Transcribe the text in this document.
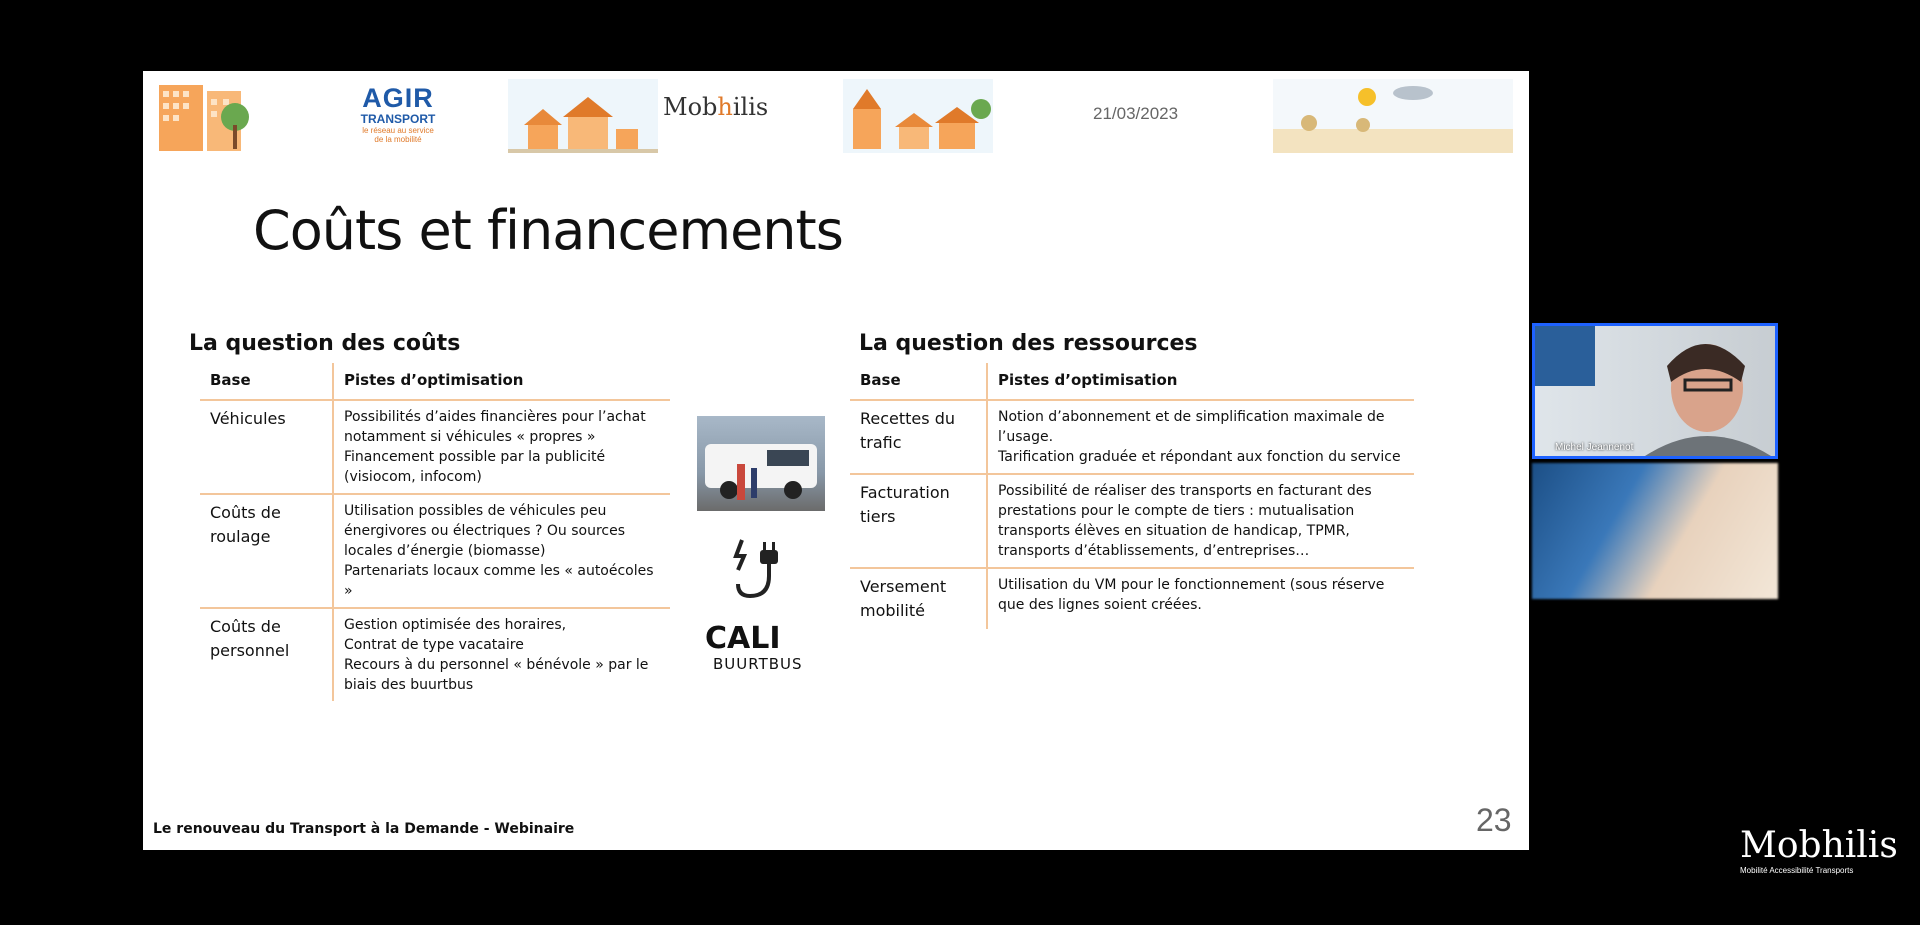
AGIR
TRANSPORT
le réseau au service
de la mobilité
Mobhilis	21/03/2023
Coûts et financements
La question des coûts
Base	Pistes d’optimisation
Véhicules	Possibilités d’aides financières pour l’achat notamment si véhicules « propres »
Financement possible par la publicité (visiocom, infocom)
Coûts de roulage	Utilisation possibles de véhicules peu énergivores ou électriques ? Ou sources locales d’énergie (biomasse)
Partenariats locaux comme les « autoécoles »
Coûts de personnel	Gestion optimisée des horaires,
Contrat de type vacataire
Recours à du personnel « bénévole » par le biais des buurtbus
CALI
BUURTBUS
La question des ressources
Base	Pistes d’optimisation
Recettes du trafic	Notion d’abonnement et de simplification maximale de l’usage.
Tarification graduée et répondant aux fonction du service
Facturation tiers	Possibilité de réaliser des transports en facturant des prestations pour le compte de tiers : mutualisation transports élèves en situation de handicap, TPMR, transports d’établissements, d’entreprises…
Versement mobilité	Utilisation du VM pour le fonctionnement (sous réserve que des lignes soient créées.
Le renouveau du Transport à la Demande - Webinaire	23
Michel Jeannenot
Mobhilis
Mobilité Accessibilité Transports
